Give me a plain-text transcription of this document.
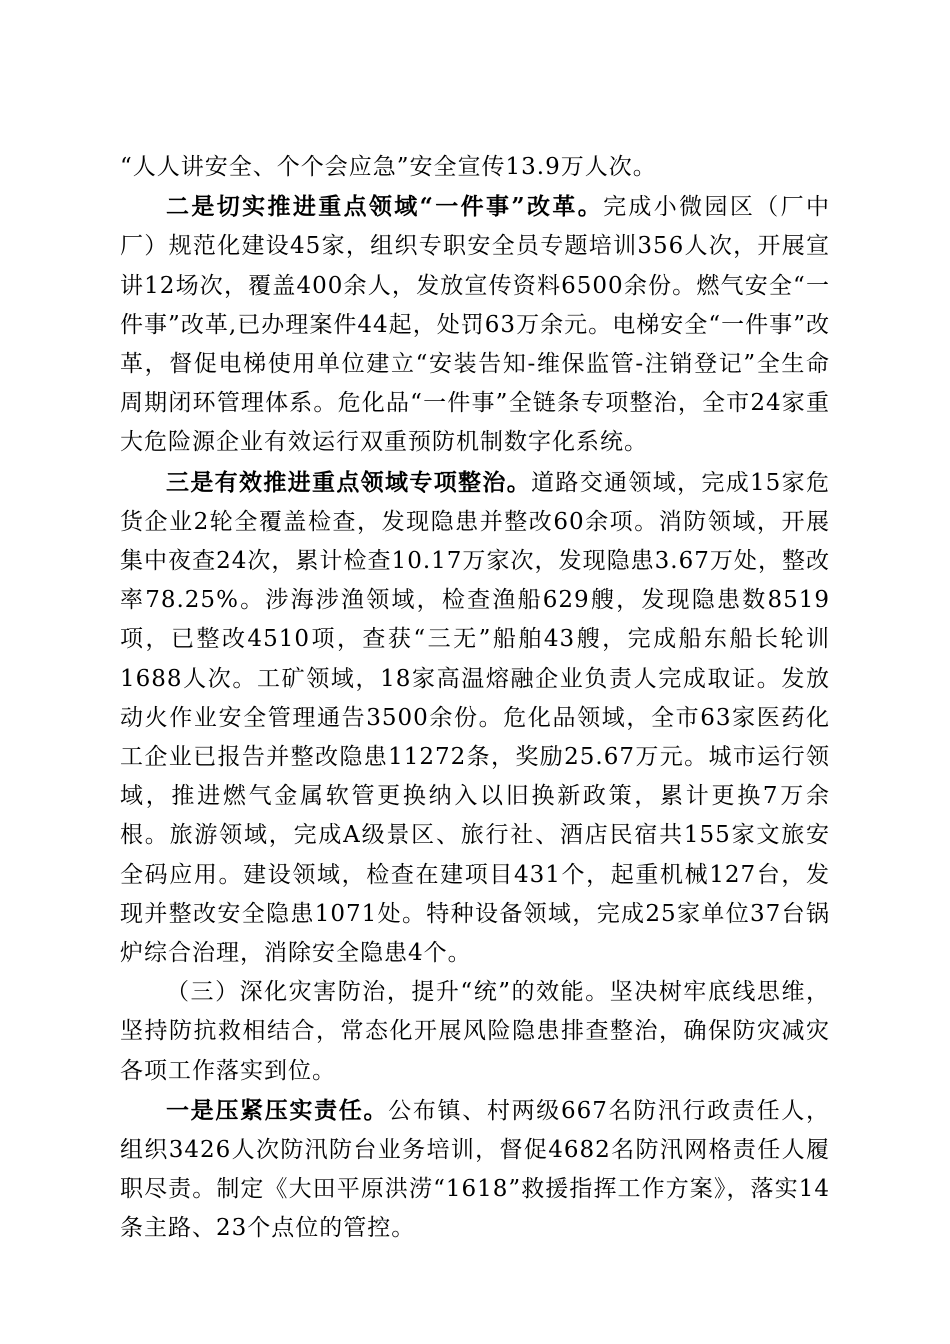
“人人讲安全、个个会应急”安全宣传13.9万人次。

二是切实推进重点领域“一件事”改革。完成小微园区（厂中厂）规范化建设45家，组织专职安全员专题培训356人次，开展宣讲12场次，覆盖400余人，发放宣传资料6500余份。燃气安全“一件事”改革,已办理案件44起，处罚63万余元。电梯安全“一件事”改革，督促电梯使用单位建立“安装告知-维保监管-注销登记”全生命周期闭环管理体系。危化品“一件事”全链条专项整治，全市24家重大危险源企业有效运行双重预防机制数字化系统。

三是有效推进重点领域专项整治。道路交通领域，完成15家危货企业2轮全覆盖检查，发现隐患并整改60余项。消防领域，开展集中夜查24次，累计检查10.17万家次，发现隐患3.67万处，整改率78.25%。涉海涉渔领域，检查渔船629艘，发现隐患数8519项，已整改4510项，查获“三无”船舶43艘，完成船东船长轮训1688人次。工矿领域，18家高温熔融企业负责人完成取证。发放动火作业安全管理通告3500余份。危化品领域，全市63家医药化工企业已报告并整改隐患11272条，奖励25.67万元。城市运行领域，推进燃气金属软管更换纳入以旧换新政策，累计更换7万余根。旅游领域，完成A级景区、旅行社、酒店民宿共155家文旅安全码应用。建设领域，检查在建项目431个，起重机械127台，发现并整改安全隐患1071处。特种设备领域，完成25家单位37台锅炉综合治理，消除安全隐患4个。

（三）深化灾害防治，提升“统”的效能。坚决树牢底线思维，坚持防抗救相结合，常态化开展风险隐患排查整治，确保防灾减灾各项工作落实到位。

一是压紧压实责任。公布镇、村两级667名防汛行政责任人，组织3426人次防汛防台业务培训，督促4682名防汛网格责任人履职尽责。制定《大田平原洪涝“1618”救援指挥工作方案》，落实14条主路、23个点位的管控。
